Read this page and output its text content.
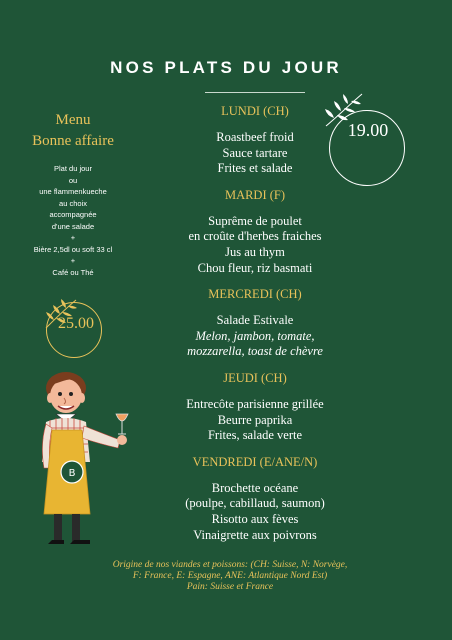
NOS PLATS DU JOUR
Menu
Bonne affaire
Plat du jour
ou
une flammenkueche
au choix
accompagnée
d'une salade
+
Bière 2,5dl ou soft 33 cl
+
Café ou Thé
25.00
19.00
LUNDI (CH)
Roastbeef froid
Sauce tartare
Frites et salade
MARDI (F)
Suprême de poulet
en croûte d'herbes fraiches
Jus au thym
Chou fleur, riz basmati
MERCREDI (CH)
Salade Estivale
Melon, jambon, tomate,
mozzarella, toast de chèvre
JEUDI (CH)
Entrecôte parisienne grillée
Beurre paprika
Frites, salade verte
VENDREDI (E/ANE/N)
Brochette océane
(poulpe, cabillaud, saumon)
Risotto aux fèves
Vinaigrette aux poivrons
B
Origine de nos viandes et poissons: (CH: Suisse, N: Norvège,
F: France, E: Espagne, ANE: Atlantique Nord Est)
Pain: Suisse et France
